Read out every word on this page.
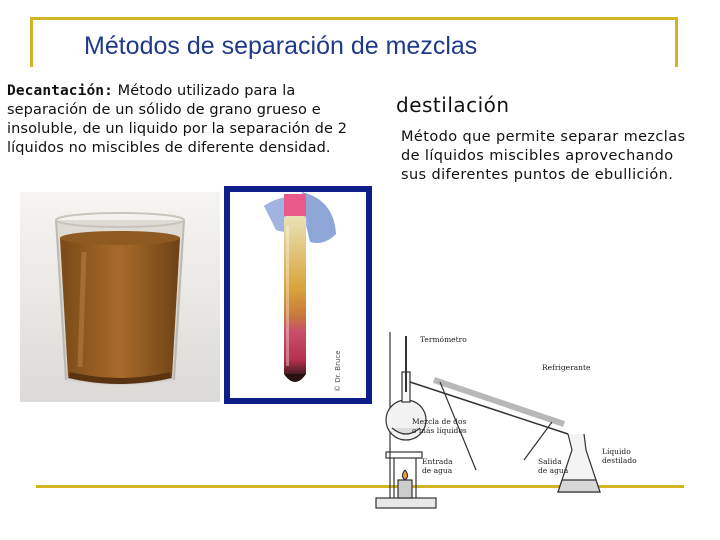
Métodos de separación de mezclas
Decantación: Método utilizado para la separación de un sólido de grano grueso e insoluble, de un liquido por la separación de 2 líquidos no miscibles de diferente densidad.
destilación
Método que permite separar mezclas de líquidos miscibles aprovechando sus diferentes puntos de ebullición.
© Dr. Bruce
Termómetro
Refrigerante
Mezcla de dos
o más líquidos
Entrada
de agua
Salida
de agua
Líquido
destilado
